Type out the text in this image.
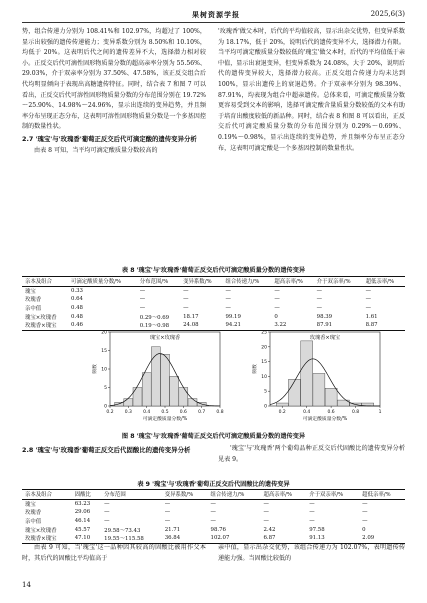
果树资源学报	2025,6(3)

势，组合传递力分别为 108.41%和 102.97%，均超过了 100%，显示出较强的遗传传递能力；变异系数分别为 8.50%和 10.10%，均低于 20%。这表明后代之间的遗传差异不大，选择潜力相对较小。正反交后代可滴性固形物质量分数的超高亲率分别为 55.56%、29.03%，介于双亲率分别为 37.50%、47.58%，该正反交组合后代均明显倾向于表现出高糖遗传特征。同时，结合表 7 和图 7 可以看出，正反交后代可溶性固形物质量分数的分布范围分别在 19.72%～25.90%、14.98%～24.96%，显示出连续的变异趋势，并且频率分布呈现正态分布，这表明可溶性固形物质量分数是一个多基因控制的数量性状。

2.7 '瑰宝'与'玫瑰香'葡萄正反交后代可滴定酸的遗传变异分析

由表 8 可知，当平均可滴定酸质量分数较高的

'玫瑰香'做父本时，后代的平均值较高，显示出杂交优势，但变异系数为 18.17%，低于 20%，说明后代的遗传变异不大，选择潜力有限。当平均可滴定酸质量分数较低的'瑰宝'做父本时，后代的平均值低于亲中值，显示出衰退变异，但变异系数为 24.08%，大于 20%，说明后代的遗传变异较大，选择潜力较高。正反交组合传递力均未达到 100%，显示出遗传上的衰退趋势。介于双亲率分别为 98.39%、87.91%，均表现为组合中超亲遗传。总体来看，可滴定酸质量分数更容易受到父本的影响，选择可滴定酸含量质量分数较低的父本有助于培育出酸度较低的新品种。同时，结合表 8 和图 8 可以看出，正反交后代可滴定酸质量分数的分布范围分别为 0.29%～0.69%、0.19%～0.98%，显示出连续的变异趋势，并且频率分布呈正态分布，这表明可滴定酸是一个多基因控制的数量性状。

表 8 '瑰宝'与'玫瑰香'葡萄正反交后代可滴定酸质量分数的遗传变异
亲本及组合	可滴定酸质量分数/%	分布范围/%	变异系数/%	组合传递力/%	超高亲率/%	介于双亲率/%	超低亲率/%
瑰宝	0.33	—	—	—	—	—	—
玫瑰香	0.64	—	—	—	—	—	—
亲中值	0.48	—	—	—	—	—	—
瑰宝×玫瑰香	0.48	0.29～0.69	18.17	99.19	0	98.39	1.61
玫瑰香×瑰宝	0.46	0.19～0.98	24.08	94.21	3.22	87.91	8.87
0.2 0.3 0.4 0.5 0.6 0.7 0.8
0
5
10
15
20
瑰宝×玫瑰香
可滴定酸质量分数/%
频数
0.2	0.4	0.6	0.8	1
0
5
10
15
20
25
玫瑰香×瑰宝
可滴定酸质量分数/%
频数
图 8 '瑰宝'与'玫瑰香'葡萄正反交后代可滴定酸质量分数的遗传变异
2.8 '瑰宝'与'玫瑰香'葡萄正反交后代固酸比的遗传变异分析	'瑰宝'与'玫瑰香'两个葡萄品种正反交后代固酸比的遗传变异分析见表 9。

表 9 '瑰宝'与'玫瑰香'葡萄正反交后代固酸比的遗传变异
亲本及组合	固酸比	分布范围	变异系数/%	组合传递力/%	超高亲率/%	介于双亲率/%	超低亲率/%
瑰宝	63.23	—	—	—	—	—	—
玫瑰香	29.06	—	—	—	—	—	—
亲中值	46.14	—	—	—	—	—	—
瑰宝×玫瑰香	45.57	29.58～73.43	21.71	98.76	2.42	97.58	0
玫瑰香×瑰宝	47.10	19.55～115.58	36.84	102.07	6.87	91.13	2.09

由表 9 可知，当'瑰宝'这一品种因其较高的固酸比被用作父本时，其后代的固酸比平均值高于

亲中值，显示出杂交优势，该组合传递力为 102.07%，表明遗传传递能力强。当固酸比较低的

14
